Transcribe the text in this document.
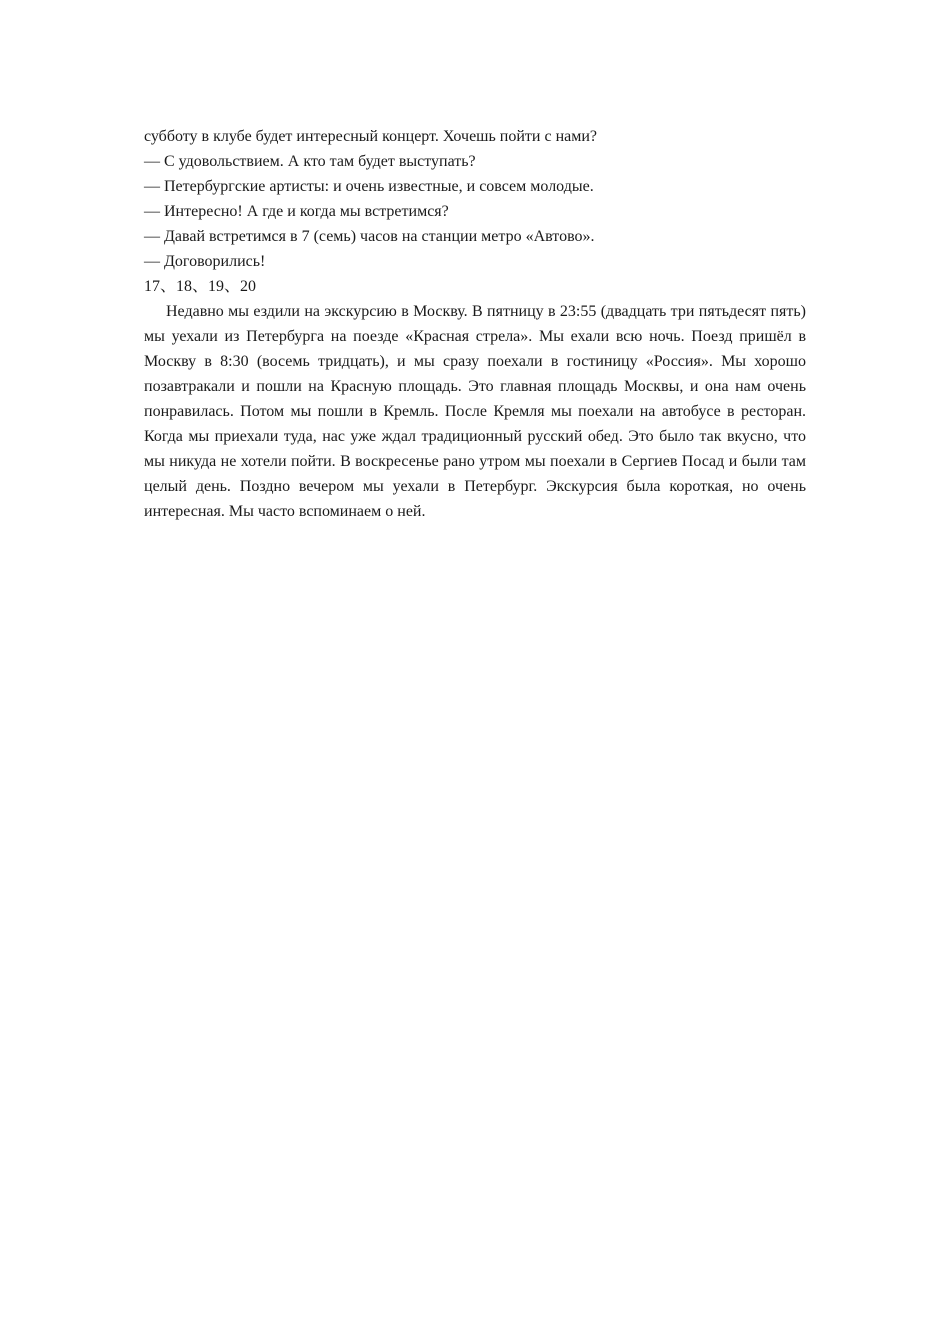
субботу в клубе будет интересный концерт. Хочешь пойти с нами?

— С удовольствием. А кто там будет выступать?

— Петербургские артисты: и очень известные, и совсем молодые.

— Интересно! А где и когда мы встретимся?

— Давай встретимся в 7 (семь) часов на станции метро «Автово».

— Договорились!

17、18、19、20

Недавно мы ездили на экскурсию в Москву. В пятницу в 23:55 (двадцать три пятьдесят пять) мы уехали из Петербурга на поезде «Красная стрела». Мы ехали всю ночь. Поезд пришёл в Москву в 8:30 (восемь тридцать), и мы сразу поехали в гостиницу «Россия». Мы хорошо позавтракали и пошли на Красную площадь. Это главная площадь Москвы, и она нам очень понравилась. Потом мы пошли в Кремль. После Кремля мы поехали на автобусе в ресторан. Когда мы приехали туда, нас уже ждал традиционный русский обед. Это было так вкусно, что мы никуда не хотели пойти. В воскресенье рано утром мы поехали в Сергиев Посад и были там целый день. Поздно вечером мы уехали в Петербург. Экскурсия была короткая, но очень интересная. Мы часто вспоминаем о ней.
